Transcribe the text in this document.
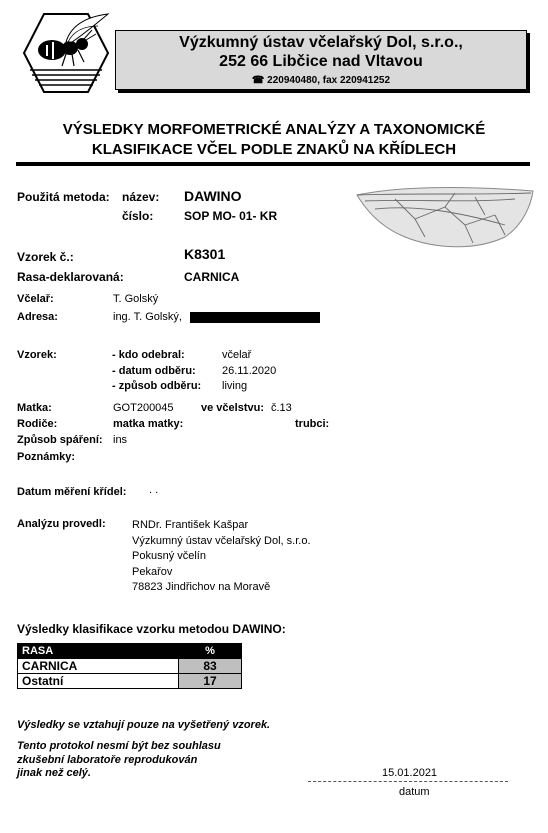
Výzkumný ústav včelařský Dol, s.r.o.,
252 66 Libčice nad Vltavou
☎ 220940480, fax 220941252
VÝSLEDKY MORFOMETRICKÉ ANALÝZY A TAXONOMICKÉ
KLASIFIKACE VČEL PODLE ZNAKŮ NA KŘÍDLECH
Použitá metoda: název: DAWINO
číslo:	SOP MO- 01- KR
Vzorek č.:	K8301
Rasa-deklarovaná:	CARNICA
Včelař:	T. Golský
Adresa:	ing. T. Golský,
Vzorek:	- kdo odebral:	včelař
- datum odběru: 26.11.2020
- způsob odběru: living
Matka:	GOT200045 ve včelstvu: č.13
Rodiče:	matka matky:	trubci:
Způsob spáření: ins
Poznámky:
Datum měření křídel: . .
Analýzu provedl: RNDr. František Kašpar
Výzkumný ústav včelařský Dol, s.r.o.
Pokusný včelín
Pekařov
78823 Jindřichov na Moravě
Výsledky klasifikace vzorku metodou DAWINO:
RASA	%
CARNICA	83
Ostatní	17
Výsledky se vztahují pouze na vyšetřený vzorek.
Tento protokol nesmí být bez souhlasu
zkušební laboratoře reprodukován
jinak než celý.	15.01.2021
datum
